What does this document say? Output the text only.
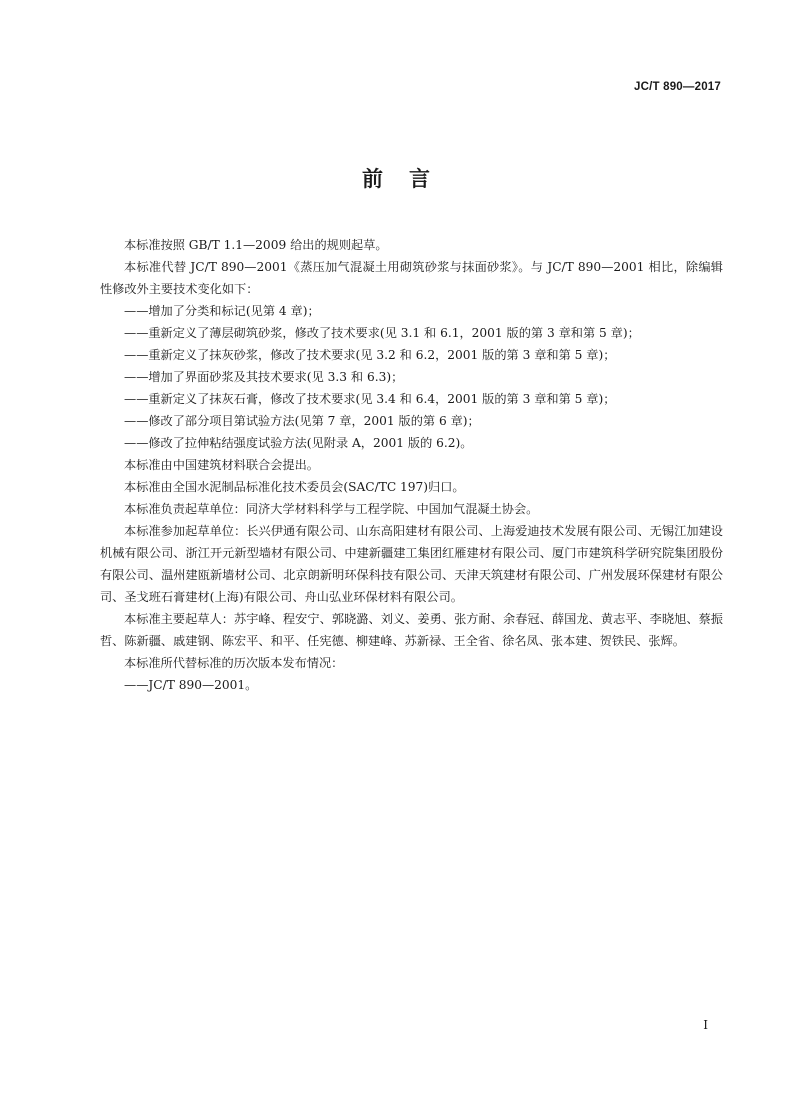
JC/T 890—2017
前言

本标准按照 GB/T 1.1—2009 给出的规则起草。

本标准代替 JC/T 890—2001《蒸压加气混凝土用砌筑砂浆与抹面砂浆》。与 JC/T 890—2001 相比，除编辑性修改外主要技术变化如下：

——增加了分类和标记(见第 4 章)；

——重新定义了薄层砌筑砂浆，修改了技术要求(见 3.1 和 6.1，2001 版的第 3 章和第 5 章)；

——重新定义了抹灰砂浆，修改了技术要求(见 3.2 和 6.2，2001 版的第 3 章和第 5 章)；

——增加了界面砂浆及其技术要求(见 3.3 和 6.3)；

——重新定义了抹灰石膏，修改了技术要求(见 3.4 和 6.4，2001 版的第 3 章和第 5 章)；

——修改了部分项目第试验方法(见第 7 章，2001 版的第 6 章)；

——修改了拉伸粘结强度试验方法(见附录 A，2001 版的 6.2)。

本标准由中国建筑材料联合会提出。

本标准由全国水泥制品标准化技术委员会(SAC/TC 197)归口。

本标准负责起草单位：同济大学材料科学与工程学院、中国加气混凝土协会。

本标准参加起草单位：长兴伊通有限公司、山东高阳建材有限公司、上海爱迪技术发展有限公司、无锡江加建设机械有限公司、浙江开元新型墙材有限公司、中建新疆建工集团红雁建材有限公司、厦门市建筑科学研究院集团股份有限公司、温州建瓯新墙材公司、北京朗新明环保科技有限公司、天津天筑建材有限公司、广州发展环保建材有限公司、圣戈班石膏建材(上海)有限公司、舟山弘业环保材料有限公司。

本标准主要起草人：苏宇峰、程安宁、郭晓潞、刘义、姜勇、张方耐、余春冠、薛国龙、黄志平、李晓旭、蔡振哲、陈新疆、戚建钢、陈宏平、和平、任宪德、柳建峰、苏新禄、王全省、徐名凤、张本建、贺铁民、张辉。

本标准所代替标准的历次版本发布情况：

——JC/T 890—2001。

I
